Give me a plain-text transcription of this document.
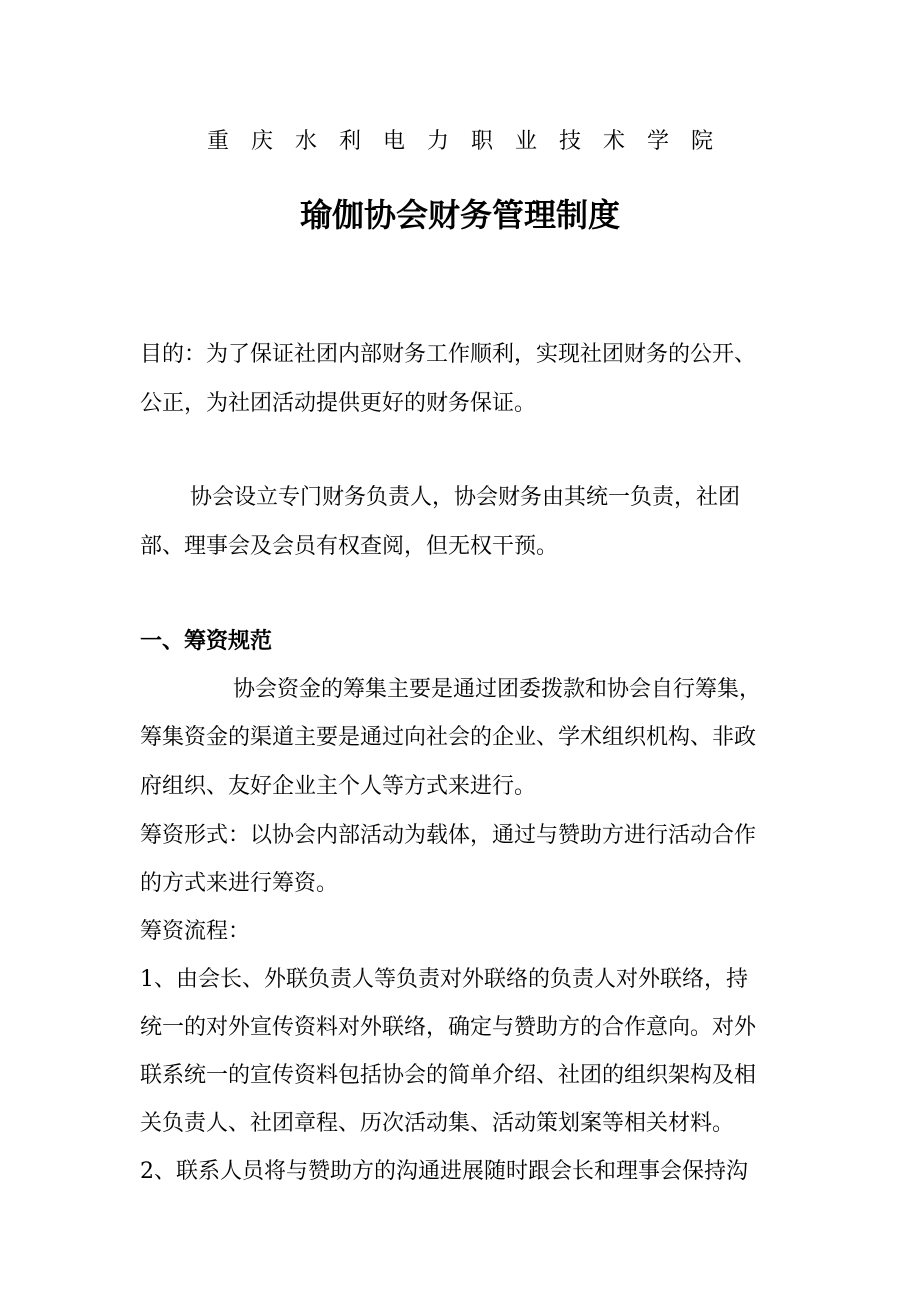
重庆水利电力职业技术学院
瑜伽协会财务管理制度
目的：为了保证社团内部财务工作顺利，实现社团财务的公开、
公正，为社团活动提供更好的财务保证。
协会设立专门财务负责人，协会财务由其统一负责，社团
部、理事会及会员有权查阅，但无权干预。
一、筹资规范
协会资金的筹集主要是通过团委拨款和协会自行筹集，
筹集资金的渠道主要是通过向社会的企业、学术组织机构、非政
府组织、友好企业主个人等方式来进行。
筹资形式：以协会内部活动为载体，通过与赞助方进行活动合作
的方式来进行筹资。
筹资流程：
1、由会长、外联负责人等负责对外联络的负责人对外联络，持
统一的对外宣传资料对外联络，确定与赞助方的合作意向。对外
联系统一的宣传资料包括协会的简单介绍、社团的组织架构及相
关负责人、社团章程、历次活动集、活动策划案等相关材料。
2、联系人员将与赞助方的沟通进展随时跟会长和理事会保持沟
